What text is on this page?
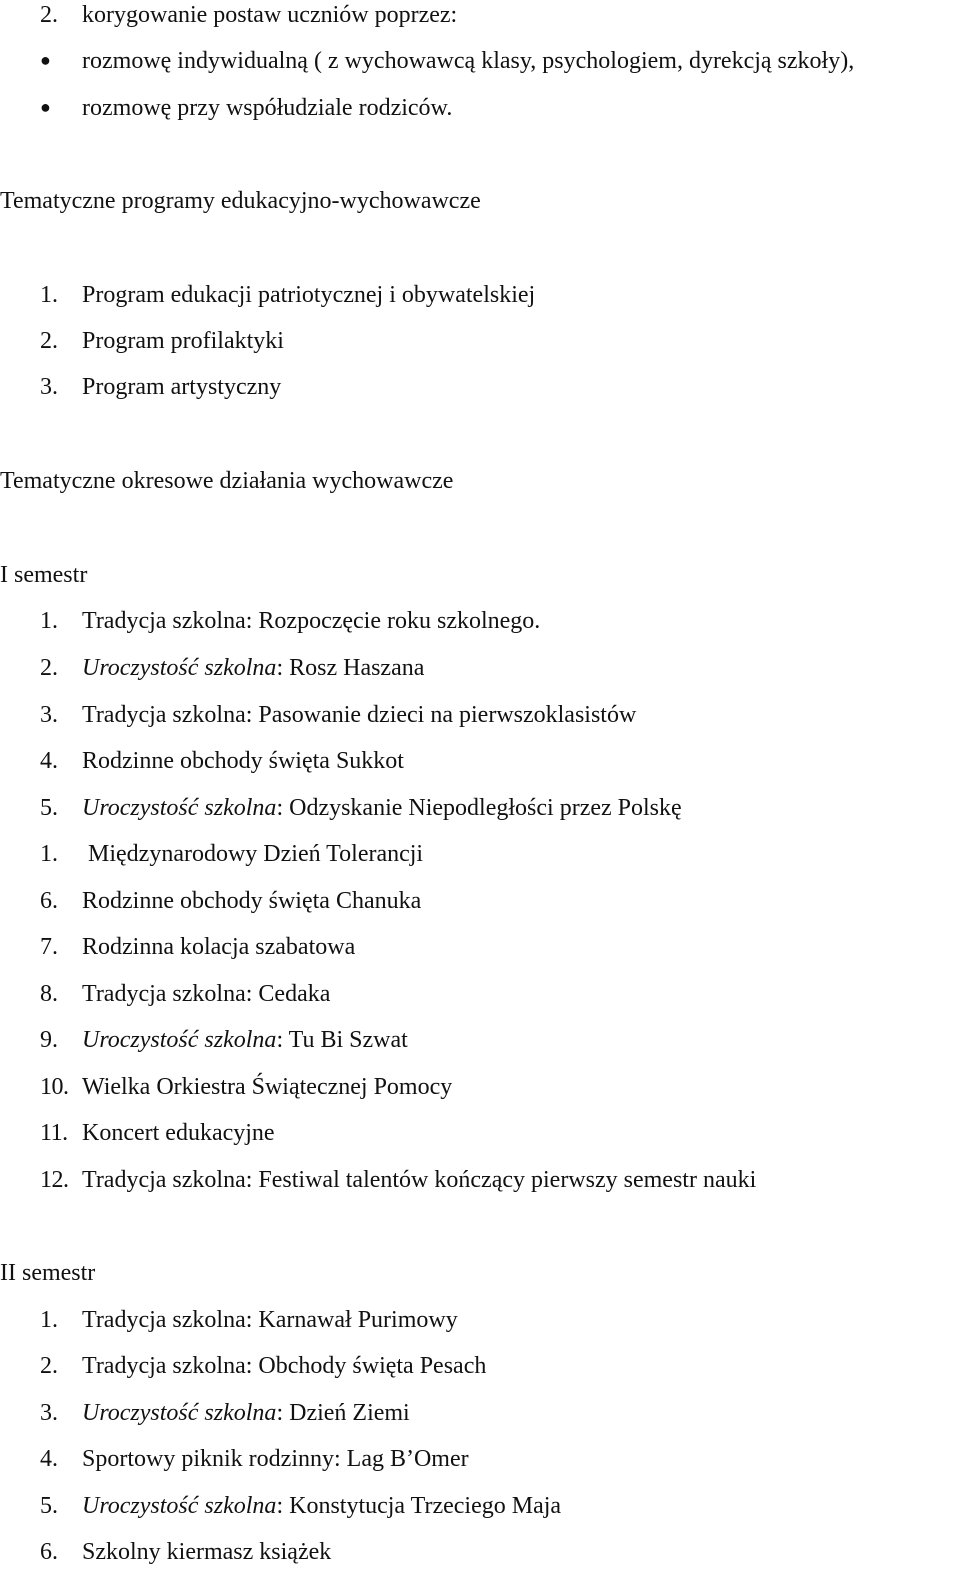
2. korygowanie postaw uczniów poprzez:
● rozmowę indywidualną ( z wychowawcą klasy, psychologiem, dyrekcją szkoły),
● rozmowę przy współudziale rodziców.
Tematyczne programy edukacyjno-wychowawcze
1. Program edukacji patriotycznej i obywatelskiej
2. Program profilaktyki
3. Program artystyczny
Tematyczne okresowe działania wychowawcze
I semestr
1. Tradycja szkolna: Rozpoczęcie roku szkolnego.
2. Uroczystość szkolna: Rosz Haszana
3. Tradycja szkolna: Pasowanie dzieci na pierwszoklasistów
4. Rodzinne obchody święta Sukkot
5. Uroczystość szkolna: Odzyskanie Niepodległości przez Polskę
1. Międzynarodowy Dzień Tolerancji
6. Rodzinne obchody święta Chanuka
7. Rodzinna kolacja szabatowa
8. Tradycja szkolna: Cedaka
9. Uroczystość szkolna: Tu Bi Szwat
10. Wielka Orkiestra Świątecznej Pomocy
11. Koncert edukacyjne
12. Tradycja szkolna: Festiwal talentów kończący pierwszy semestr nauki
II semestr
1. Tradycja szkolna: Karnawał Purimowy
2. Tradycja szkolna: Obchody święta Pesach
3. Uroczystość szkolna: Dzień Ziemi
4. Sportowy piknik rodzinny: Lag B’Omer
5. Uroczystość szkolna: Konstytucja Trzeciego Maja
6. Szkolny kiermasz książek
